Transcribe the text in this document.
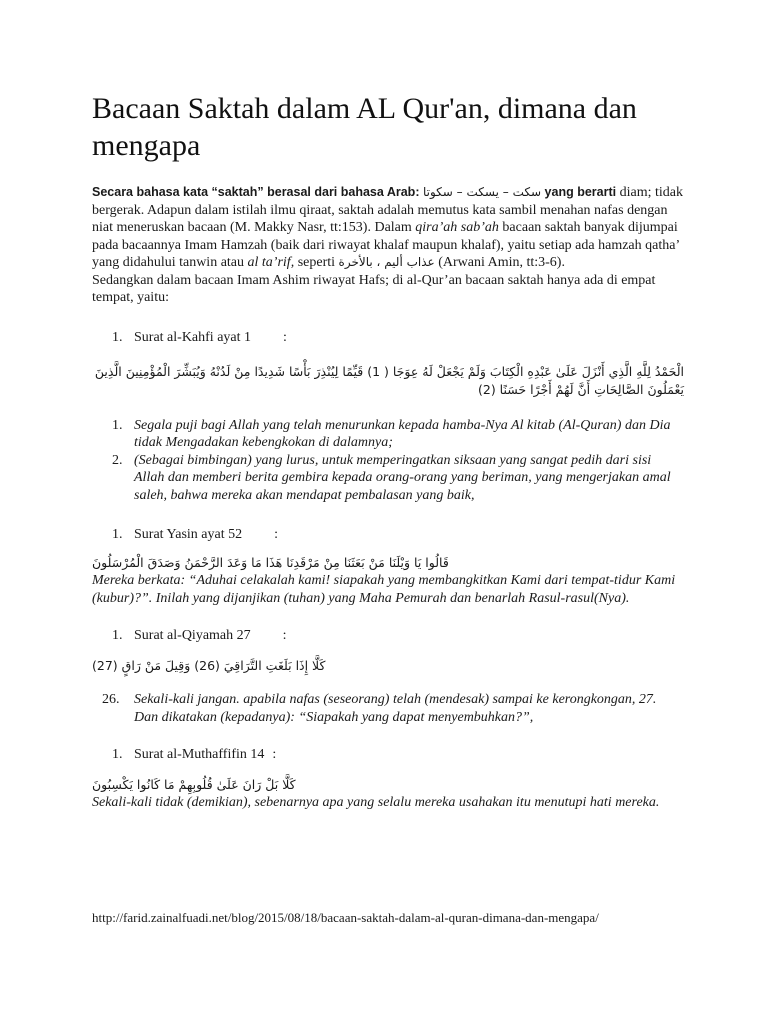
Bacaan Saktah dalam AL Qur'an, dimana dan mengapa

Secara bahasa kata “saktah” berasal dari bahasa Arab: سكت – يسكت – سكوتا yang berarti diam; tidak bergerak. Adapun dalam istilah ilmu qiraat, saktah adalah memutus kata sambil menahan nafas dengan niat meneruskan bacaan (M. Makky Nasr, tt:153). Dalam qira’ah sab’ah bacaan saktah banyak dijumpai pada bacaannya Imam Hamzah (baik dari riwayat khalaf maupun khalaf), yaitu setiap ada hamzah qatha’ yang didahului tanwin atau al ta’rif, seperti عذاب أليم ، بالأخرة (Arwani Amin, tt:3-6).

Sedangkan dalam bacaan Imam Ashim riwayat Hafs; di al-Qur’an bacaan saktah hanya ada di empat tempat, yaitu:

1. Surat al-Kahfi ayat 1 :

الْحَمْدُ لِلَّهِ الَّذِي أَنْزَلَ عَلَىٰ عَبْدِهِ الْكِتَابَ وَلَمْ يَجْعَلْ لَهُ عِوَجَا ( 1) قَيِّمًا لِيُنْذِرَ بَأْسًا شَدِيدًا مِنْ لَدُنْهُ وَيُبَشِّرَ الْمُؤْمِنِينَ الَّذِينَ يَعْمَلُونَ الصَّالِحَاتِ أَنَّ لَهُمْ أَجْرًا حَسَنًا (2)

1. Segala puji bagi Allah yang telah menurunkan kepada hamba-Nya Al kitab (Al-Quran) dan Dia tidak Mengadakan kebengkokan di dalamnya;
2. (Sebagai bimbingan) yang lurus, untuk memperingatkan siksaan yang sangat pedih dari sisi Allah dan memberi berita gembira kepada orang-orang yang beriman, yang mengerjakan amal saleh, bahwa mereka akan mendapat pembalasan yang baik,

1. Surat Yasin ayat 52 :

قَالُوا يَا وَيْلَنَا مَنْ بَعَثَنَا مِنْ مَرْقَدِنَا هَذَا مَا وَعَدَ الرَّحْمَنُ وَصَدَقَ الْمُرْسَلُونَ

Mereka berkata: “Aduhai celakalah kami! siapakah yang membangkitkan Kami dari tempat-tidur Kami (kubur)?”. Inilah yang dijanjikan (tuhan) yang Maha Pemurah dan benarlah Rasul-rasul(Nya).

1. Surat al-Qiyamah 27 :

كَلَّا إِذَا بَلَغَتِ التَّرَاقِيَ (26) وَقِيلَ مَنْ رَاقٍ (27)

26. Sekali-kali jangan. apabila nafas (seseorang) telah (mendesak) sampai ke kerongkongan, 27. Dan dikatakan (kepadanya): “Siapakah yang dapat menyembuhkan?”,

1. Surat al-Muthaffifin 14 :

كَلَّا بَلْ رَانَ عَلَىٰ قُلُوبِهِمْ مَا كَانُوا يَكْسِبُونَ

Sekali-kali tidak (demikian), sebenarnya apa yang selalu mereka usahakan itu menutupi hati mereka.

http://farid.zainalfuadi.net/blog/2015/08/18/bacaan-saktah-dalam-al-quran-dimana-dan-mengapa/
